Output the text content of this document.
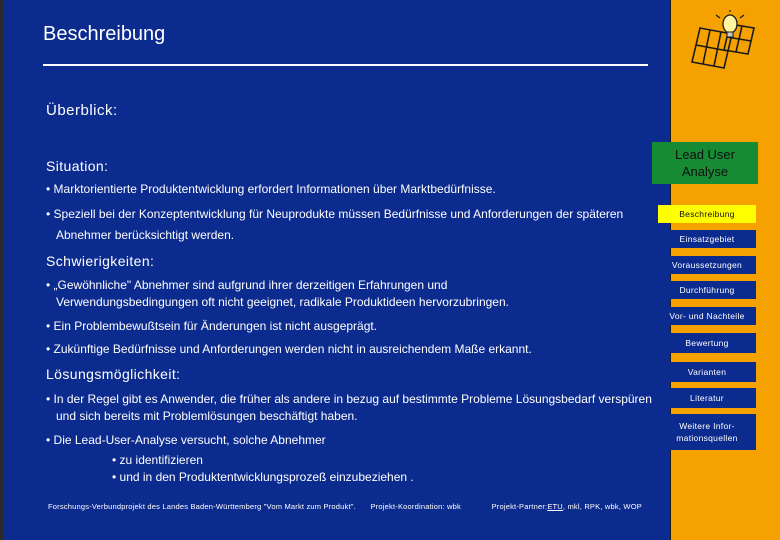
Beschreibung
Überblick:
Situation:
• Marktorientierte Produktentwicklung erfordert Informationen über Marktbedürfnisse.
• Speziell bei der Konzeptentwicklung für Neuprodukte müssen Bedürfnisse und Anforderungen der späteren
Abnehmer berücksichtigt werden.
Schwierigkeiten:
• „Gewöhnliche" Abnehmer sind aufgrund ihrer derzeitigen Erfahrungen und
Verwendungsbedingungen oft nicht geeignet, radikale Produktideen hervorzubringen.
• Ein Problembewußtsein für Änderungen ist nicht ausgeprägt.
• Zukünftige Bedürfnisse und Anforderungen werden nicht in ausreichendem Maße erkannt.
Lösungsmöglichkeit:
• In der Regel gibt es Anwender, die früher als andere in bezug auf bestimmte Probleme Lösungsbedarf verspüren
und sich bereits mit Problemlösungen beschäftigt haben.
• Die Lead-User-Analyse versucht, solche Abnehmer
• zu identifizieren
• und in den Produktentwicklungsprozeß einzubeziehen .
Forschungs-Verbundprojekt des Landes Baden-Württemberg "Vom Markt zum Produkt". Projekt-Koordination: wbk	Projekt-Partner:ETU, mkl, RPK, wbk, WOP
Lead User
Analyse
Beschreibung
Einsatzgebiet
Voraussetzungen
Durchführung
Vor- und Nachteile
Bewertung
Varianten
Literatur
Weitere Infor-
mationsquellen
